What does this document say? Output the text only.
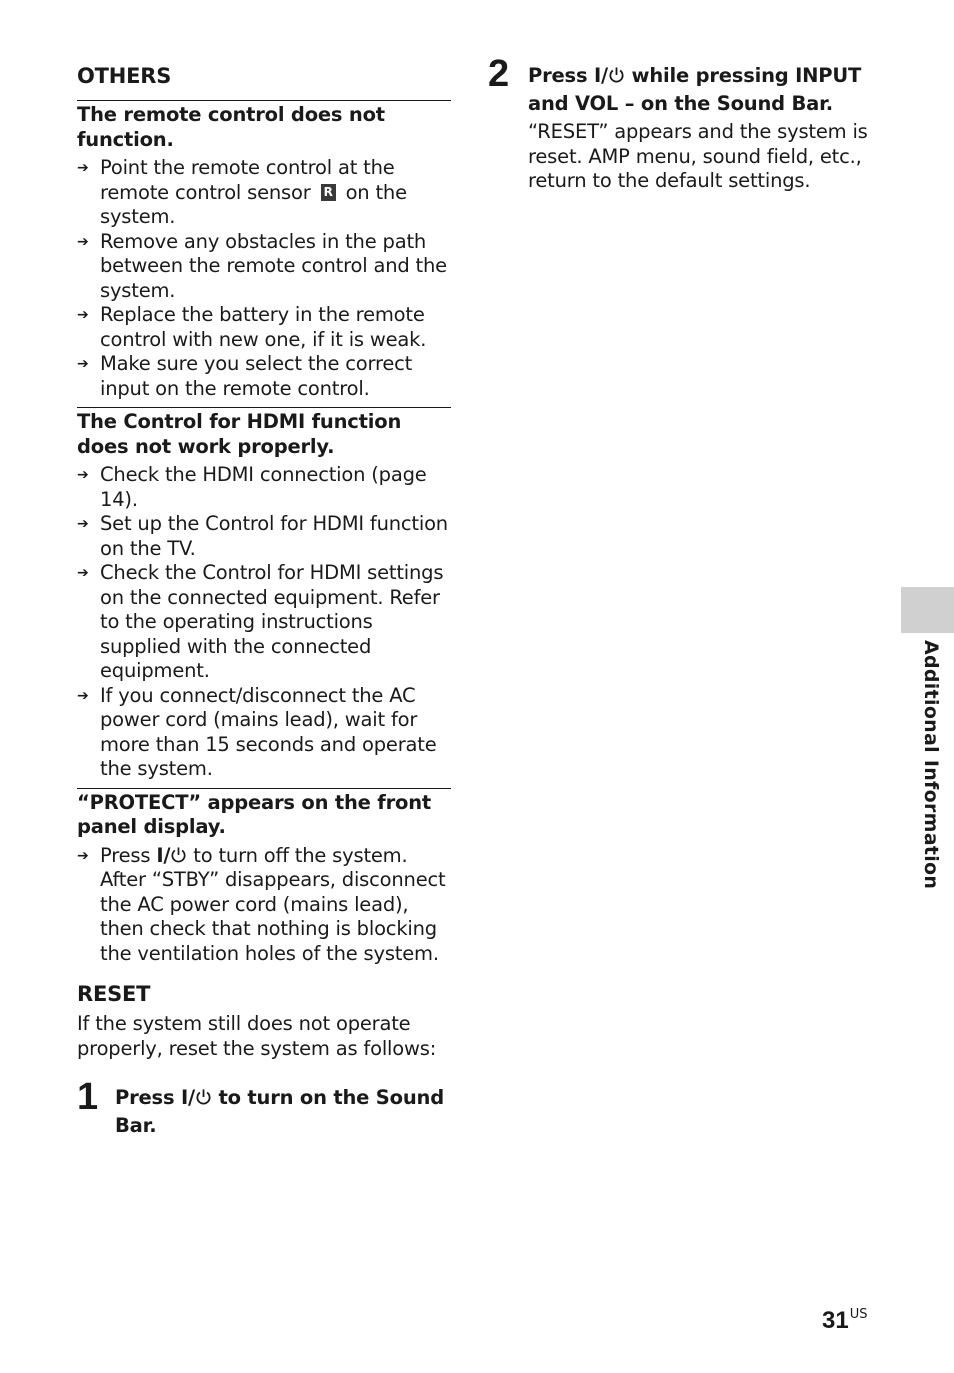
OTHERS
The remote control does not function.
➔ Point the remote control at the remote control sensor R on the system.
➔ Remove any obstacles in the path between the remote control and the system.
➔ Replace the battery in the remote control with new one, if it is weak.
➔ Make sure you select the correct input on the remote control.
The Control for HDMI function does not work properly.
➔ Check the HDMI connection (page 14).
➔ Set up the Control for HDMI function on the TV.
➔ Check the Control for HDMI settings on the connected equipment. Refer to the operating instructions supplied with the connected equipment.
➔ If you connect/disconnect the AC power cord (mains lead), wait for more than 15 seconds and operate the system.
“PROTECT” appears on the front panel display.
➔ Press I/ to turn off the system. After “STBY” disappears, disconnect the AC power cord (mains lead), then check that nothing is blocking the ventilation holes of the system.
RESET

If the system still does not operate properly, reset the system as follows:

1 Press I/ to turn on the Sound Bar.
2 Press I/ while pressing INPUT and VOL – on the Sound Bar.

“RESET” appears and the system is reset. AMP menu, sound field, etc., return to the default settings.

Additional Information
$31^{US}$
